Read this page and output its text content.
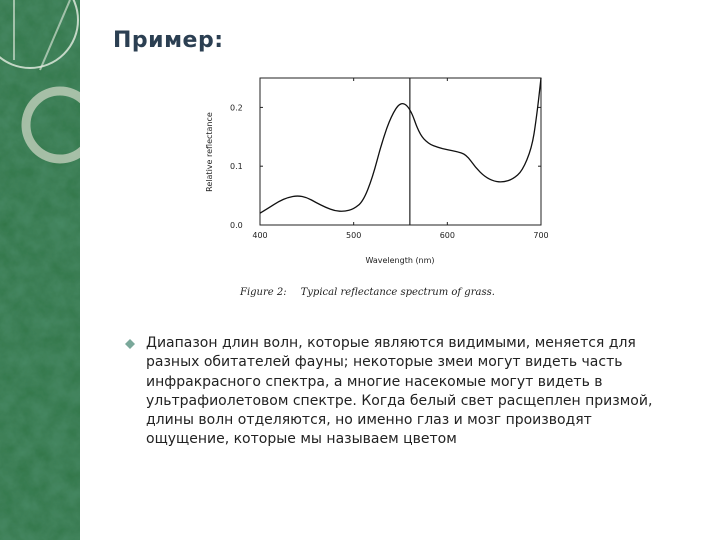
Пример:
400	500	600	700
0.0
0.1
0.2
Wavelength (nm)
Relative reflectance
Figure 2: Typical reflectance spectrum of grass.

Диапазон длин волн, которые являются видимыми, меняется для разных обитателей фауны; некоторые змеи могут видеть часть инфракрасного спектра, а многие насекомые могут видеть в ультрафиолетовом спектре. Когда белый свет расщеплен призмой, длины волн отделяются, но именно глаз и мозг производят ощущение, которые мы называем цветом
